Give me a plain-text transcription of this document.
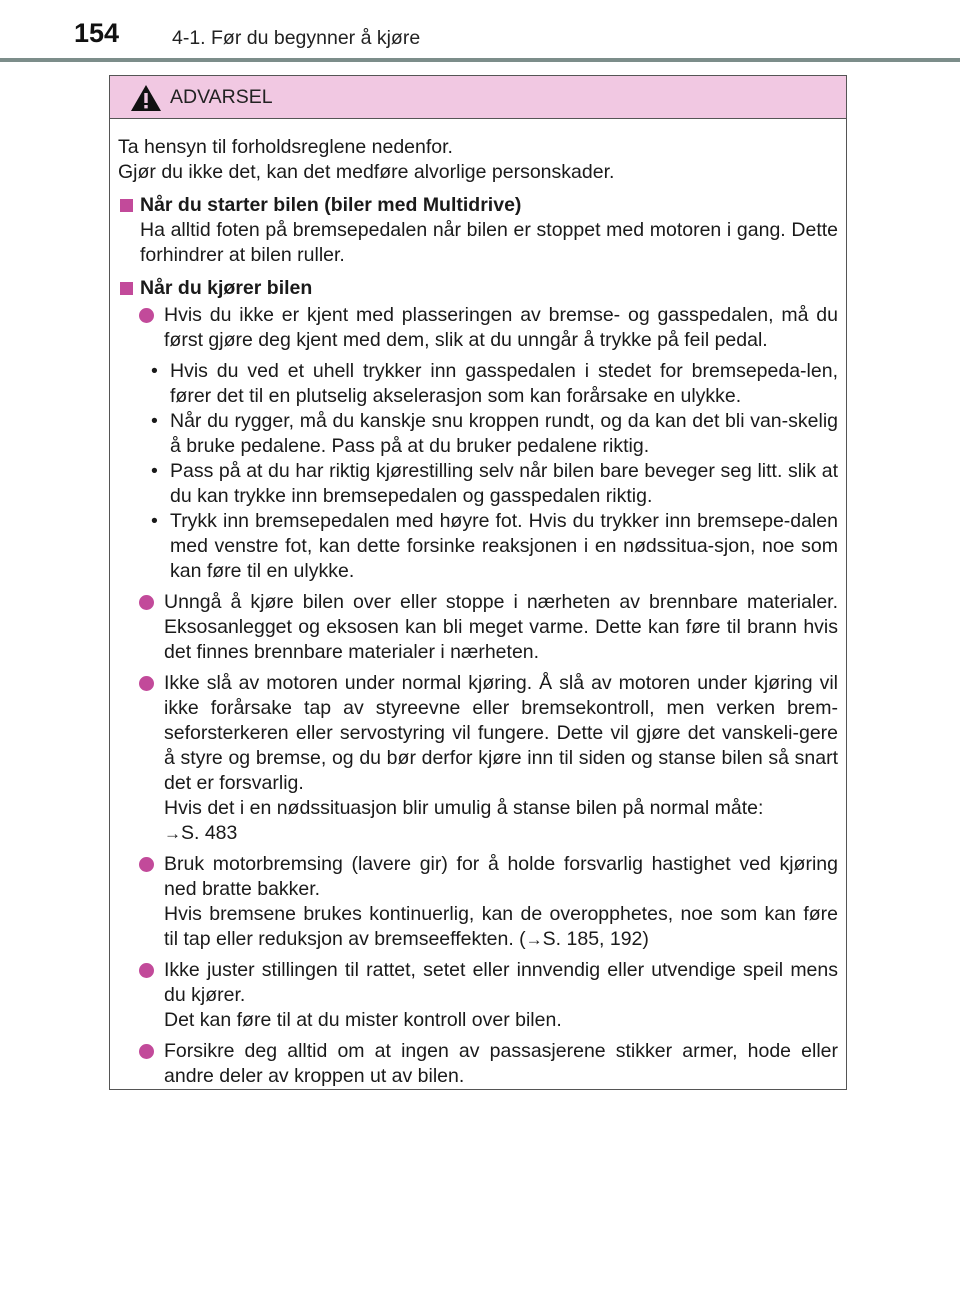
154	4-1. Før du begynner å kjøre
ADVARSEL

Ta hensyn til forholdsreglene nedenfor.

Gjør du ikke det, kan det medføre alvorlige personskader.

Når du starter bilen (biler med Multidrive)
Ha alltid foten på bremsepedalen når bilen er stoppet med motoren i gang. Dette forhindrer at bilen ruller.
Når du kjører bilen
Hvis du ikke er kjent med plasseringen av bremse- og gasspedalen, må du først gjøre deg kjent med dem, slik at du unngår å trykke på feil pedal.
• Hvis du ved et uhell trykker inn gasspedalen i stedet for bremsepeda-len, fører det til en plutselig akselerasjon som kan forårsake en ulykke.
• Når du rygger, må du kanskje snu kroppen rundt, og da kan det bli van-skelig å bruke pedalene. Pass på at du bruker pedalene riktig.
• Pass på at du har riktig kjørestilling selv når bilen bare beveger seg litt. slik at du kan trykke inn bremsepedalen og gasspedalen riktig.
• Trykk inn bremsepedalen med høyre fot. Hvis du trykker inn bremsepe-dalen med venstre fot, kan dette forsinke reaksjonen i en nødssitua-sjon, noe som kan føre til en ulykke.
Unngå å kjøre bilen over eller stoppe i nærheten av brennbare materialer. Eksosanlegget og eksosen kan bli meget varme. Dette kan føre til brann hvis det finnes brennbare materialer i nærheten.
Ikke slå av motoren under normal kjøring. Å slå av motoren under kjøring vil ikke forårsake tap av styreevne eller bremsekontroll, men verken brem-seforsterkeren eller servostyring vil fungere. Dette vil gjøre det vanskeli-gere å styre og bremse, og du bør derfor kjøre inn til siden og stanse bilen så snart det er forsvarlig.
Hvis det i en nødssituasjon blir umulig å stanse bilen på normal måte:
→S. 483
Bruk motorbremsing (lavere gir) for å holde forsvarlig hastighet ved kjøring ned bratte bakker.
Hvis bremsene brukes kontinuerlig, kan de overopphetes, noe som kan føre til tap eller reduksjon av bremseeffekten. (→S. 185, 192)
Ikke juster stillingen til rattet, setet eller innvendig eller utvendige speil mens du kjører.
Det kan føre til at du mister kontroll over bilen.
Forsikre deg alltid om at ingen av passasjerene stikker armer, hode eller andre deler av kroppen ut av bilen.
